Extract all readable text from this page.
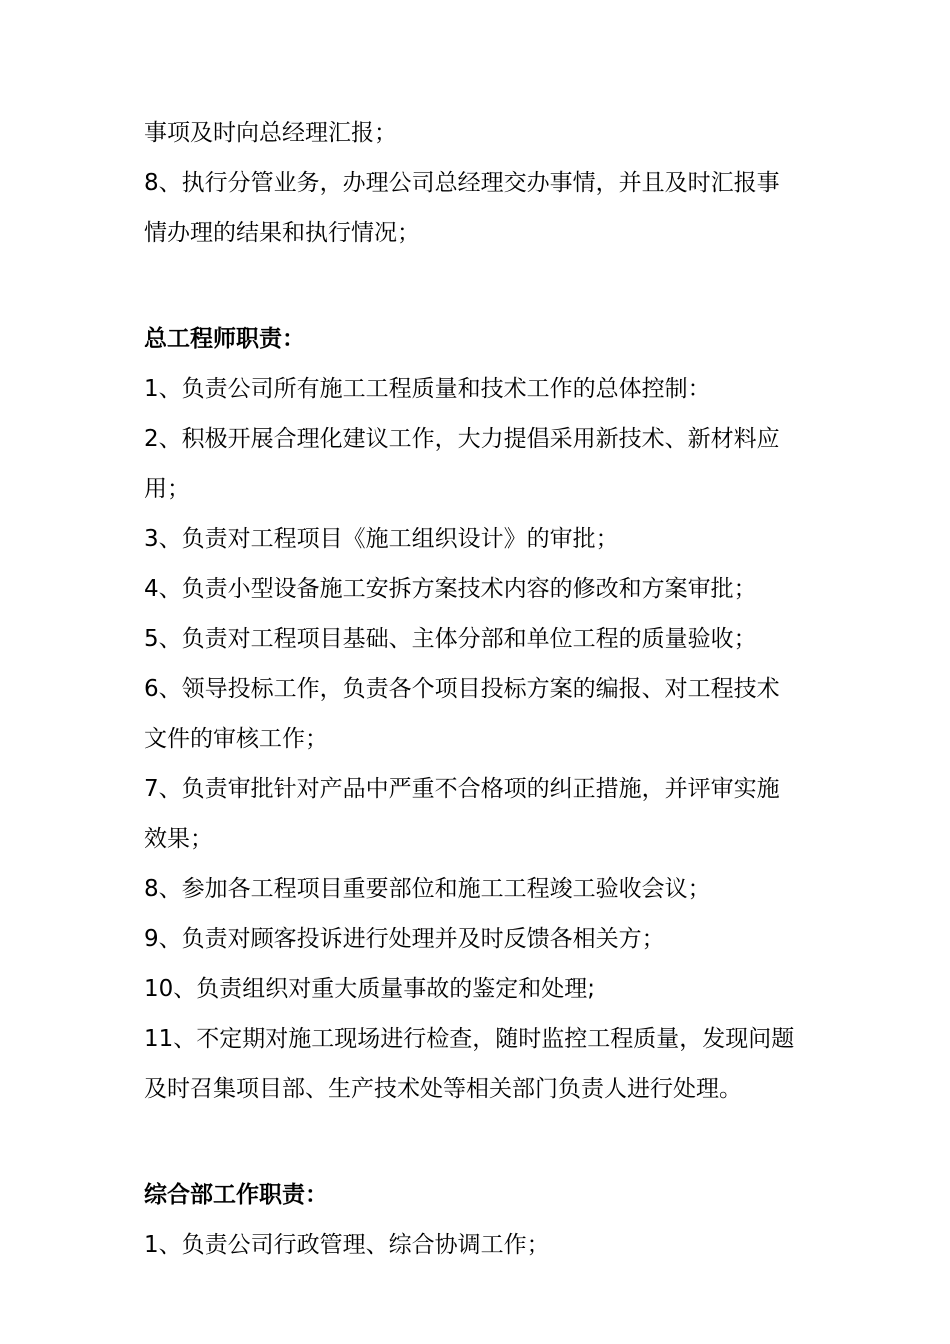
事项及时向总经理汇报；
8、执行分管业务，办理公司总经理交办事情，并且及时汇报事
情办理的结果和执行情况；
总工程师职责：
1、负责公司所有施工工程质量和技术工作的总体控制：
2、积极开展合理化建议工作，大力提倡采用新技术、新材料应
用；
3、负责对工程项目《施工组织设计》的审批；
4、负责小型设备施工安拆方案技术内容的修改和方案审批；
5、负责对工程项目基础、主体分部和单位工程的质量验收；
6、领导投标工作，负责各个项目投标方案的编报、对工程技术
文件的审核工作；
7、负责审批针对产品中严重不合格项的纠正措施，并评审实施
效果；
8、参加各工程项目重要部位和施工工程竣工验收会议；
9、负责对顾客投诉进行处理并及时反馈各相关方；
10、负责组织对重大质量事故的鉴定和处理;
11、不定期对施工现场进行检查，随时监控工程质量，发现问题
及时召集项目部、生产技术处等相关部门负责人进行处理。
综合部工作职责：
1、负责公司行政管理、综合协调工作；
